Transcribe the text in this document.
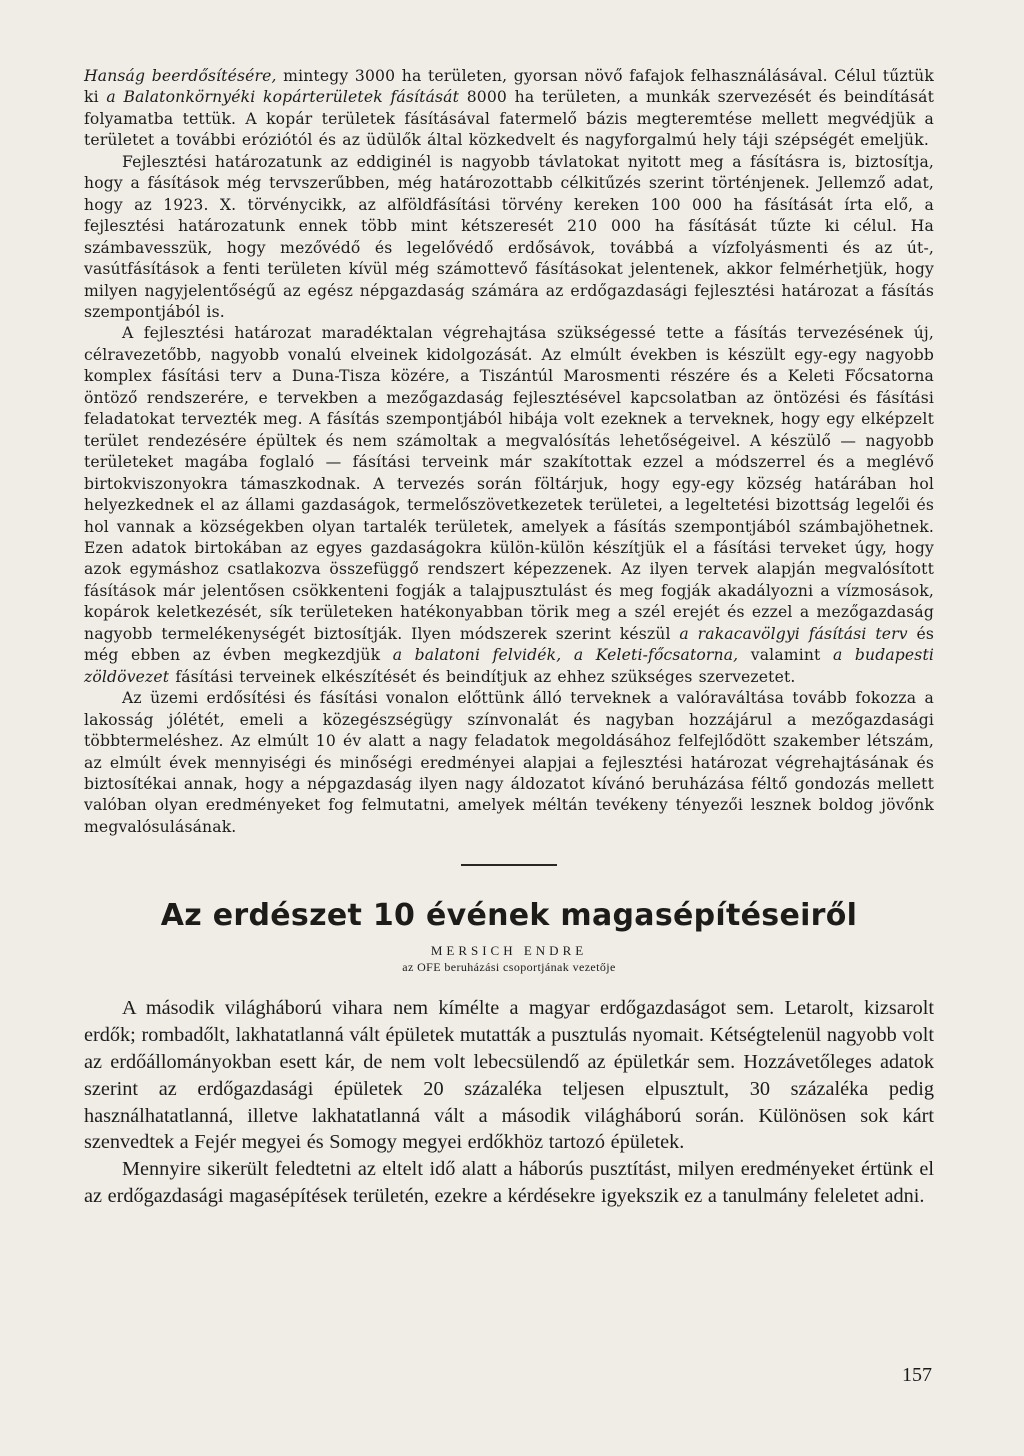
Hanság beerdősítésére, mintegy 3000 ha területen, gyorsan növő fafajok felhasználásával. Célul tűztük ki a Balatonkörnyéki kopárterületek fásítását 8000 ha területen, a munkák szervezését és beindítását folyamatba tettük. A kopár területek fásításával fatermelő bázis megteremtése mellett megvédjük a területet a további eróziótól és az üdülők által közkedvelt és nagyforgalmú hely táji szépségét emeljük.

Fejlesztési határozatunk az eddiginél is nagyobb távlatokat nyitott meg a fásításra is, biztosítja, hogy a fásítások még tervszerűbben, még határozottabb célkitűzés szerint történjenek. Jellemző adat, hogy az 1923. X. törvénycikk, az alföldfásítási törvény kereken 100 000 ha fásítását írta elő, a fejlesztési határozatunk ennek több mint kétszeresét 210 000 ha fásítását tűzte ki célul. Ha számbavesszük, hogy mezővédő és legelővédő erdősávok, továbbá a vízfolyásmenti és az út-, vasútfásítások a fenti területen kívül még számottevő fásításokat jelentenek, akkor felmérhetjük, hogy milyen nagyjelentőségű az egész népgazdaság számára az erdőgazdasági fejlesztési határozat a fásítás szempontjából is.

A fejlesztési határozat maradéktalan végrehajtása szükségessé tette a fásítás tervezésének új, célravezetőbb, nagyobb vonalú elveinek kidolgozását. Az elmúlt években is készült egy-egy nagyobb komplex fásítási terv a Duna-Tisza közére, a Tiszántúl Marosmenti részére és a Keleti Főcsatorna öntöző rendszerére, e tervekben a mezőgazdaság fejlesztésével kapcsolatban az öntözési és fásítási feladatokat tervezték meg. A fásítás szempontjából hibája volt ezeknek a terveknek, hogy egy elképzelt terület rendezésére épültek és nem számoltak a megvalósítás lehetőségeivel. A készülő — nagyobb területeket magába foglaló — fásítási terveink már szakítottak ezzel a módszerrel és a meglévő birtokviszonyokra támaszkodnak. A tervezés során föltárjuk, hogy egy-egy község határában hol helyezkednek el az állami gazdaságok, termelőszövetkezetek területei, a legeltetési bizottság legelői és hol vannak a községekben olyan tartalék területek, amelyek a fásítás szempontjából számbajöhetnek. Ezen adatok birtokában az egyes gazdaságokra külön-külön készítjük el a fásítási terveket úgy, hogy azok egymáshoz csatlakozva összefüggő rendszert képezzenek. Az ilyen tervek alapján megvalósított fásítások már jelentősen csökkenteni fogják a talajpusztulást és meg fogják akadályozni a vízmosások, kopárok keletkezését, sík területeken hatékonyabban törik meg a szél erejét és ezzel a mezőgazdaság nagyobb termelékenységét biztosítják. Ilyen módszerek szerint készül a rakacavölgyi fásítási terv és még ebben az évben megkezdjük a balatoni felvidék, a Keleti-főcsatorna, valamint a budapesti zöldövezet fásítási terveinek elkészítését és beindítjuk az ehhez szükséges szervezetet.

Az üzemi erdősítési és fásítási vonalon előttünk álló terveknek a valóraváltása tovább fokozza a lakosság jólétét, emeli a közegészségügy színvonalát és nagyban hozzájárul a mezőgazdasági többtermeléshez. Az elmúlt 10 év alatt a nagy feladatok megoldásához felfejlődött szakember létszám, az elmúlt évek mennyiségi és minőségi eredményei alapjai a fejlesztési határozat végrehajtásának és biztosítékai annak, hogy a népgazdaság ilyen nagy áldozatot kívánó beruházása féltő gondozás mellett valóban olyan eredményeket fog felmutatni, amelyek méltán tevékeny tényezői lesznek boldog jövőnk megvalósulásának.

Az erdészet 10 évének magasépítéseiről
MERSICH ENDRE
az OFE beruházási csoportjának vezetője

A második világháború vihara nem kímélte a magyar erdőgazdaságot sem. Letarolt, kizsarolt erdők; rombadőlt, lakhatatlanná vált épületek mutatták a pusztulás nyomait. Kétségtelenül nagyobb volt az erdőállományokban esett kár, de nem volt lebecsülendő az épületkár sem. Hozzávetőleges adatok szerint az erdőgazdasági épületek 20 százaléka teljesen elpusztult, 30 százaléka pedig használhatatlanná, illetve lakhatatlanná vált a második világháború során. Különösen sok kárt szenvedtek a Fejér megyei és Somogy megyei erdőkhöz tartozó épületek.

Mennyire sikerült feledtetni az eltelt idő alatt a háborús pusztítást, milyen eredményeket értünk el az erdőgazdasági magasépítések területén, ezekre a kérdésekre igyekszik ez a tanulmány feleletet adni.

157
